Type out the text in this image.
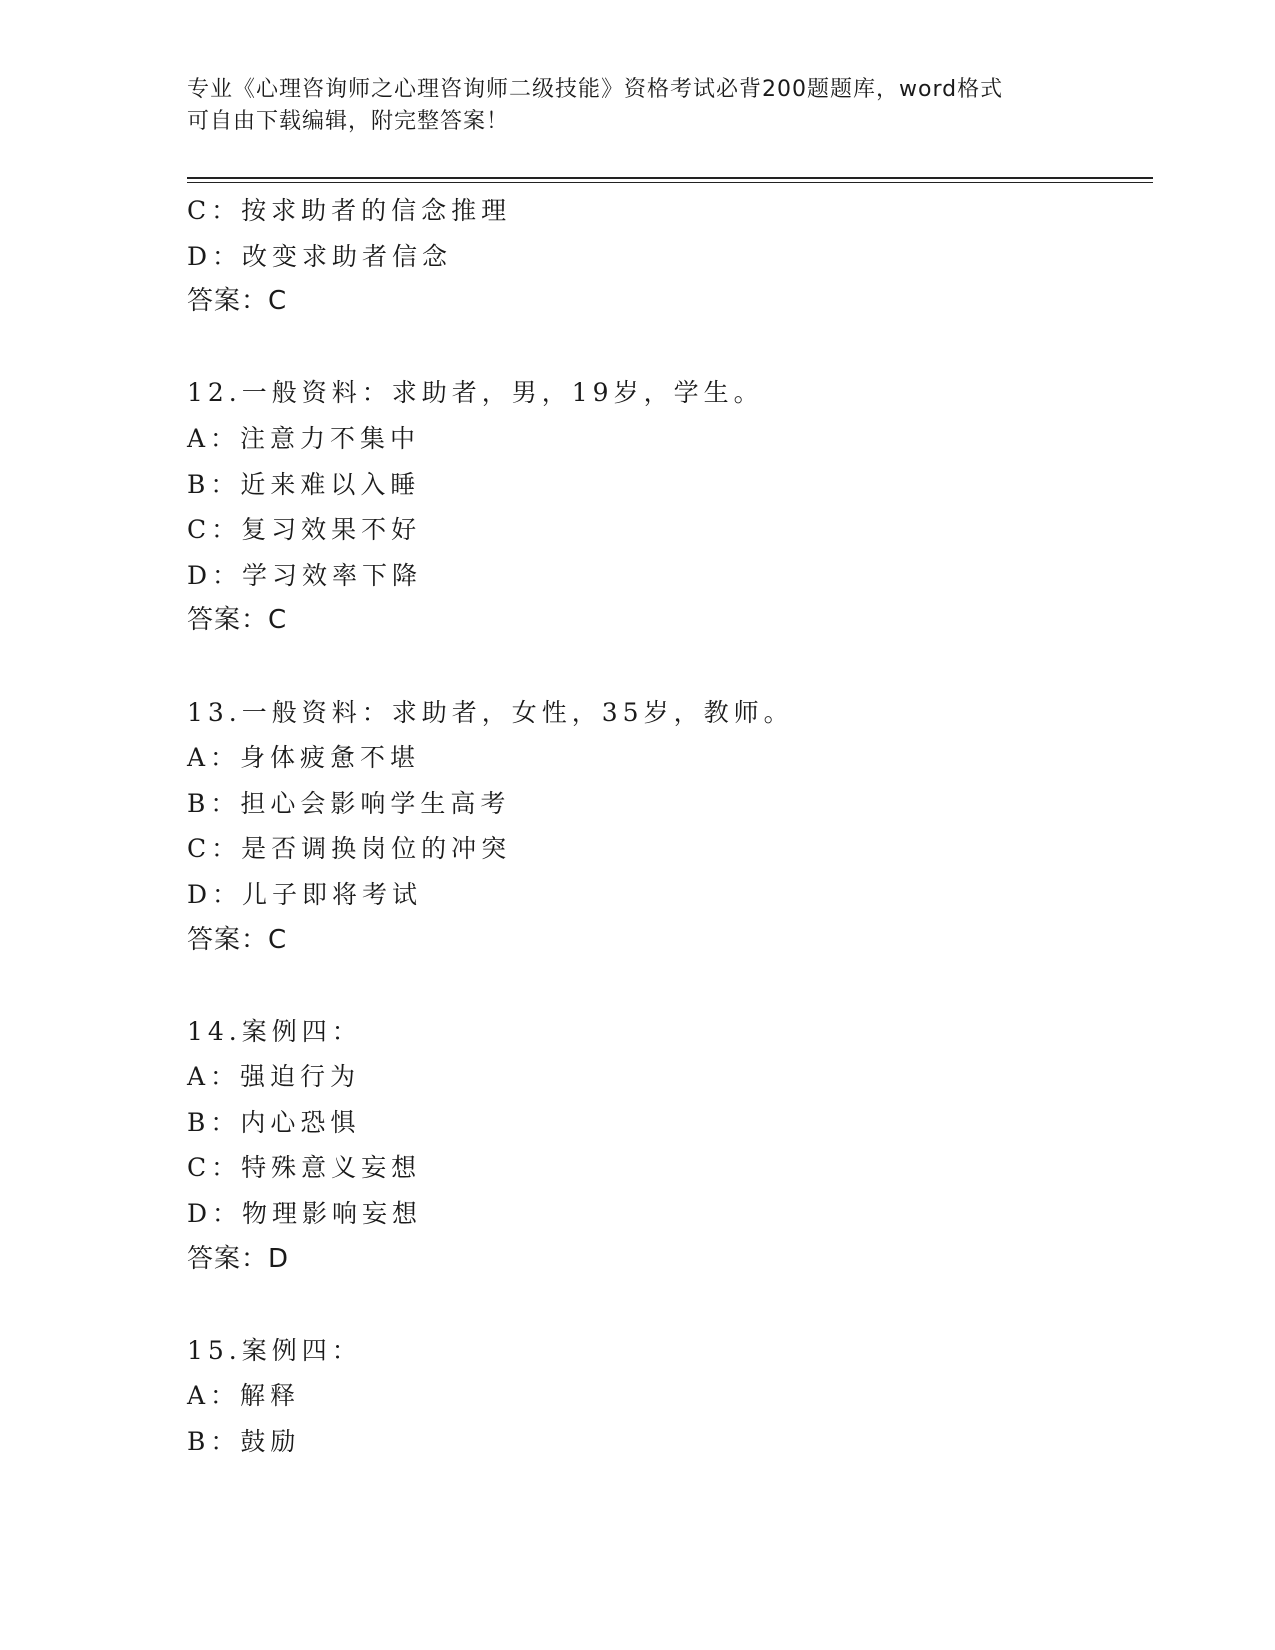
专业《心理咨询师之心理咨询师二级技能》资格考试必背200题题库，word格式
可自由下载编辑，附完整答案！
C：按求助者的信念推理
D：改变求助者信念
答案：C
12.一般资料：求助者，男，19岁，学生。
A：注意力不集中
B：近来难以入睡
C：复习效果不好
D：学习效率下降
答案：C
13.一般资料：求助者，女性，35岁，教师。
A：身体疲惫不堪
B：担心会影响学生高考
C：是否调换岗位的冲突
D：儿子即将考试
答案：C
14.案例四：
A：强迫行为
B：内心恐惧
C：特殊意义妄想
D：物理影响妄想
答案：D
15.案例四：
A：解释
B：鼓励
